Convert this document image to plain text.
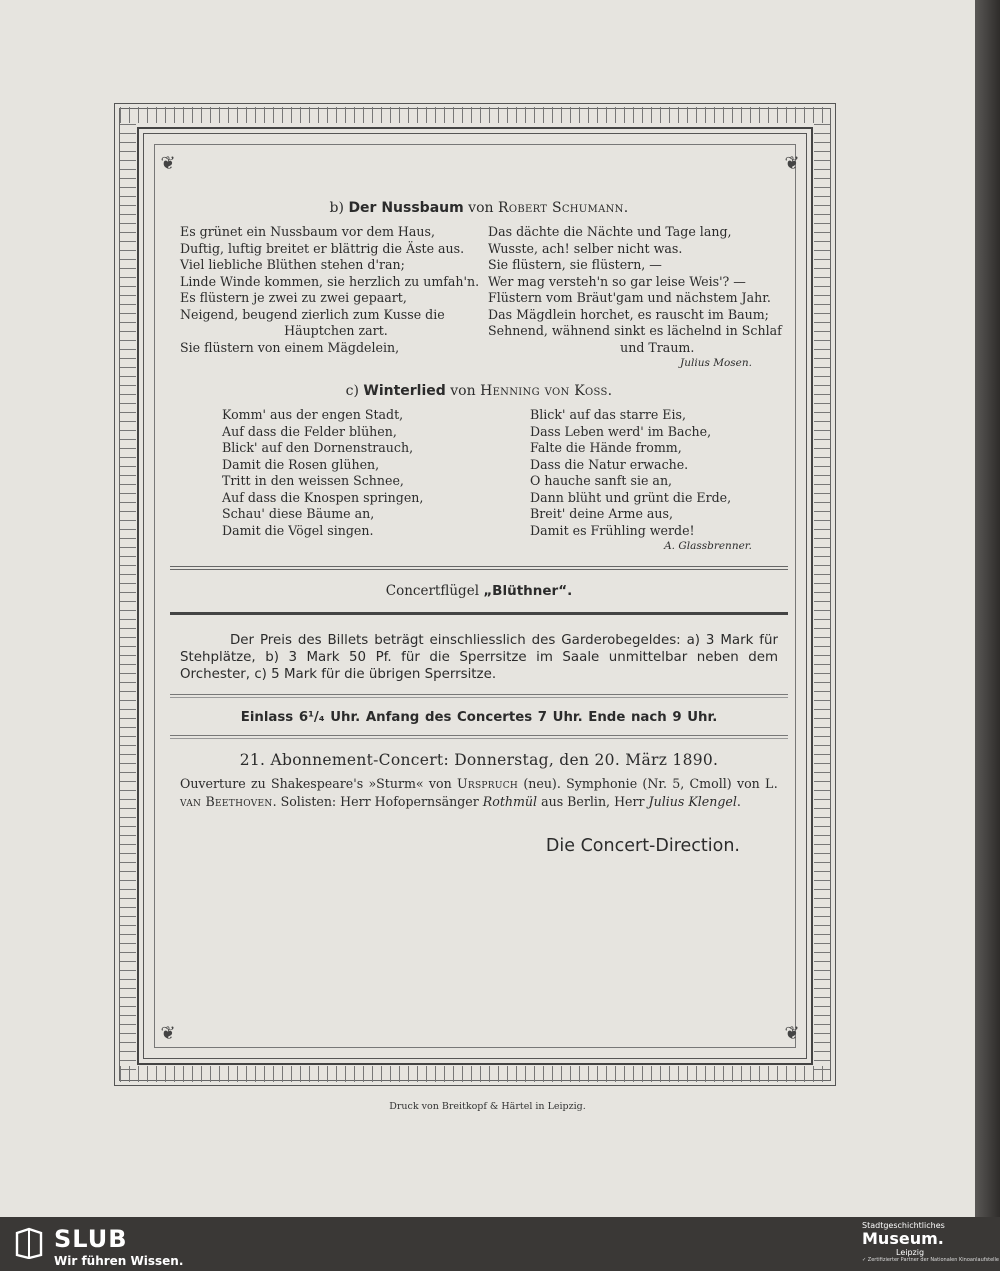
❦	❦
❦	❦
b) Der Nussbaum von Robert Schumann.
Es grünet ein Nussbaum vor dem Haus,
Duftig, luftig breitet er blättrig die Äste aus.
Viel liebliche Blüthen stehen d'ran;
Linde Winde kommen, sie herzlich zu umfah'n.
Es flüstern je zwei zu zwei gepaart,
Neigend, beugend zierlich zum Kusse die
Häuptchen zart.
Sie flüstern von einem Mägdelein,
Das dächte die Nächte und Tage lang,
Wusste, ach! selber nicht was.
Sie flüstern, sie flüstern, —
Wer mag versteh'n so gar leise Weis'? —
Flüstern vom Bräut'gam und nächstem Jahr.
Das Mägdlein horchet, es rauscht im Baum;
Sehnend, wähnend sinkt es lächelnd in Schlaf
und Traum.
Julius Mosen.
c) Winterlied von Henning von Koss.
Komm' aus der engen Stadt,
Auf dass die Felder blühen,
Blick' auf den Dornenstrauch,
Damit die Rosen glühen,
Tritt in den weissen Schnee,
Auf dass die Knospen springen,
Schau' diese Bäume an,
Damit die Vögel singen.
Blick' auf das starre Eis,
Dass Leben werd' im Bache,
Falte die Hände fromm,
Dass die Natur erwache.
O hauche sanft sie an,
Dann blüht und grünt die Erde,
Breit' deine Arme aus,
Damit es Frühling werde!
A. Glassbrenner.
Concertflügel „Blüthner“.
Der Preis des Billets beträgt einschliesslich des Garderobegeldes: a) 3 Mark für Stehplätze, b) 3 Mark 50 Pf. für die Sperrsitze im Saale unmittelbar neben dem Orchester, c) 5 Mark für die übrigen Sperrsitze.
Einlass 6¹/₄ Uhr. Anfang des Concertes 7 Uhr. Ende nach 9 Uhr.
21. Abonnement-Concert: Donnerstag, den 20. März 1890.
Ouverture zu Shakespeare's »Sturm« von Urspruch (neu). Symphonie (Nr. 5, Cmoll) von L. van Beethoven. Solisten: Herr Hofopernsänger Rothmül aus Berlin, Herr Julius Klengel.
Die Concert-Direction.
Druck von Breitkopf & Härtel in Leipzig.
SLUB
Wir führen Wissen.
Stadtgeschichtliches
Museum.
Leipzig
✓ Zertifizierter Partner der Nationalen Kinoanlaufstelle
